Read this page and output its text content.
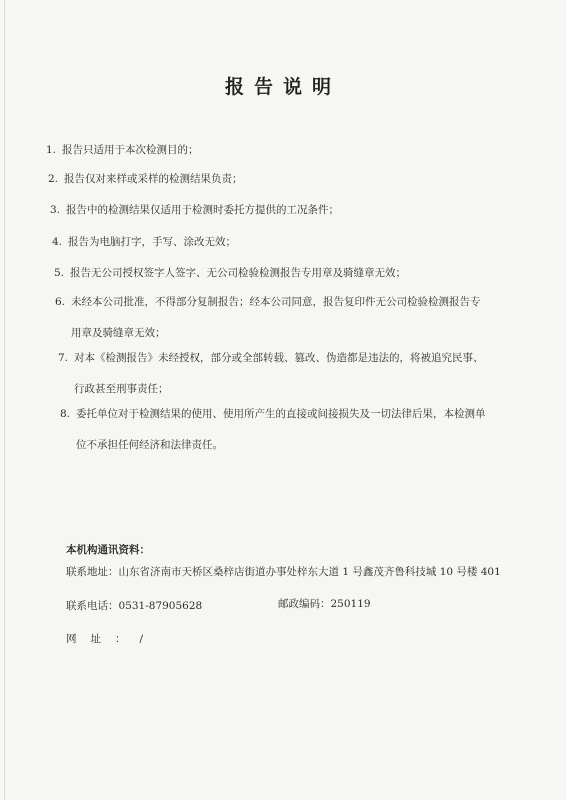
报告说明
1. 报告只适用于本次检测目的；
2. 报告仅对来样或采样的检测结果负责；
3. 报告中的检测结果仅适用于检测时委托方提供的工况条件；
4. 报告为电脑打字，手写、涂改无效；
5. 报告无公司授权签字人签字、无公司检验检测报告专用章及骑缝章无效；
6. 未经本公司批准，不得部分复制报告；经本公司同意，报告复印件无公司检验检测报告专
用章及骑缝章无效；
7. 对本《检测报告》未经授权，部分或全部转载、篡改、伪造都是违法的，将被追究民事、
行政甚至刑事责任；
8. 委托单位对于检测结果的使用、使用所产生的直接或间接损失及一切法律后果，本检测单
位不承担任何经济和法律责任。
本机构通讯资料：
联系地址：山东省济南市天桥区桑梓店街道办事处梓东大道 1 号鑫茂齐鲁科技城 10 号楼 401
联系电话：0531-87905628	邮政编码：250119
网址：/
